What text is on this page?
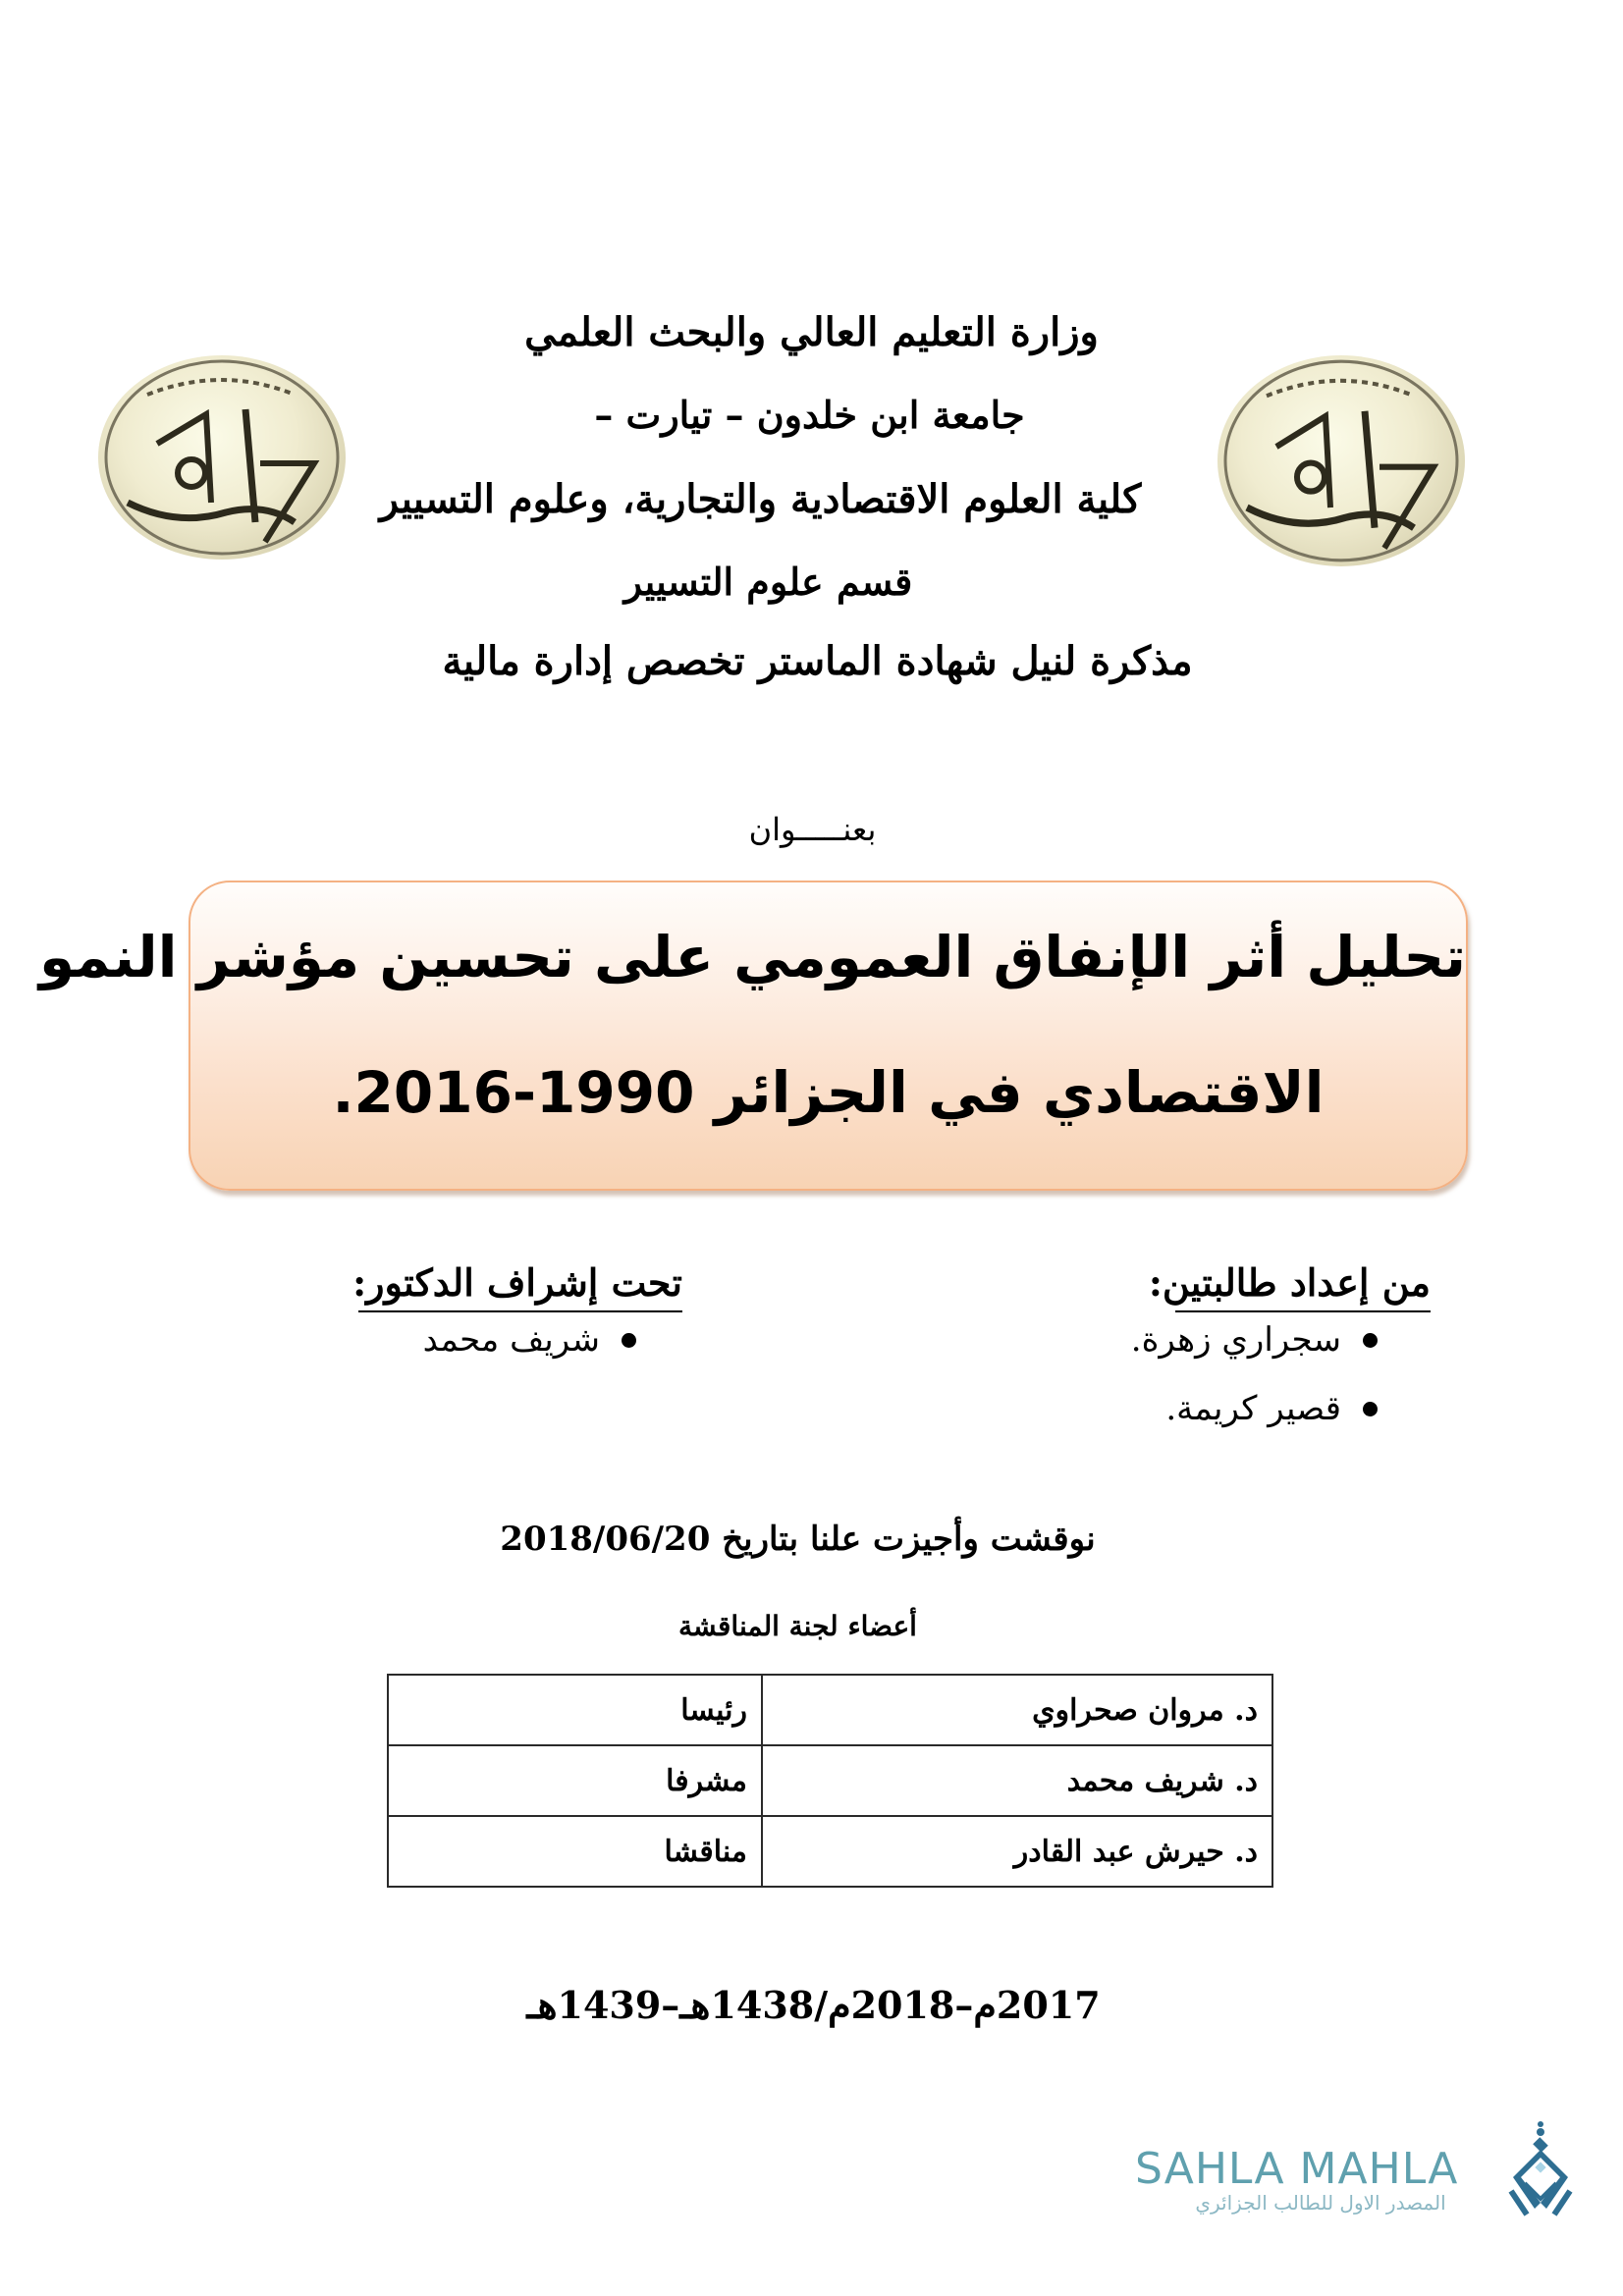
وزارة التعليم العالي والبحث العلمي
جامعة ابن خلدون – تيارت –
كلية العلوم الاقتصادية والتجارية، وعلوم التسيير
قسم علوم التسيير
مذكرة لنيل شهادة الماستر تخصص إدارة مالية
بعنـــــوان
تحليل أثر الإنفاق العمومي على تحسين مؤشر النمو
الاقتصادي في الجزائر 1990-2016.
من إعداد طالبتين:
سجراري زهرة.
قصير كريمة.
تحت إشراف الدكتور:
شريف محمد
نوقشت وأجيزت علنا بتاريخ 2018/06/20
أعضاء لجنة المناقشة
د. مروان صحراوي	رئيسا
د. شريف محمد	مشرفا
د. حيرش عبد القادر	مناقشا
2017م–2018م/1438هـ–1439هـ
SAHLA MAHLA
المصدر الاول للطالب الجزائري
